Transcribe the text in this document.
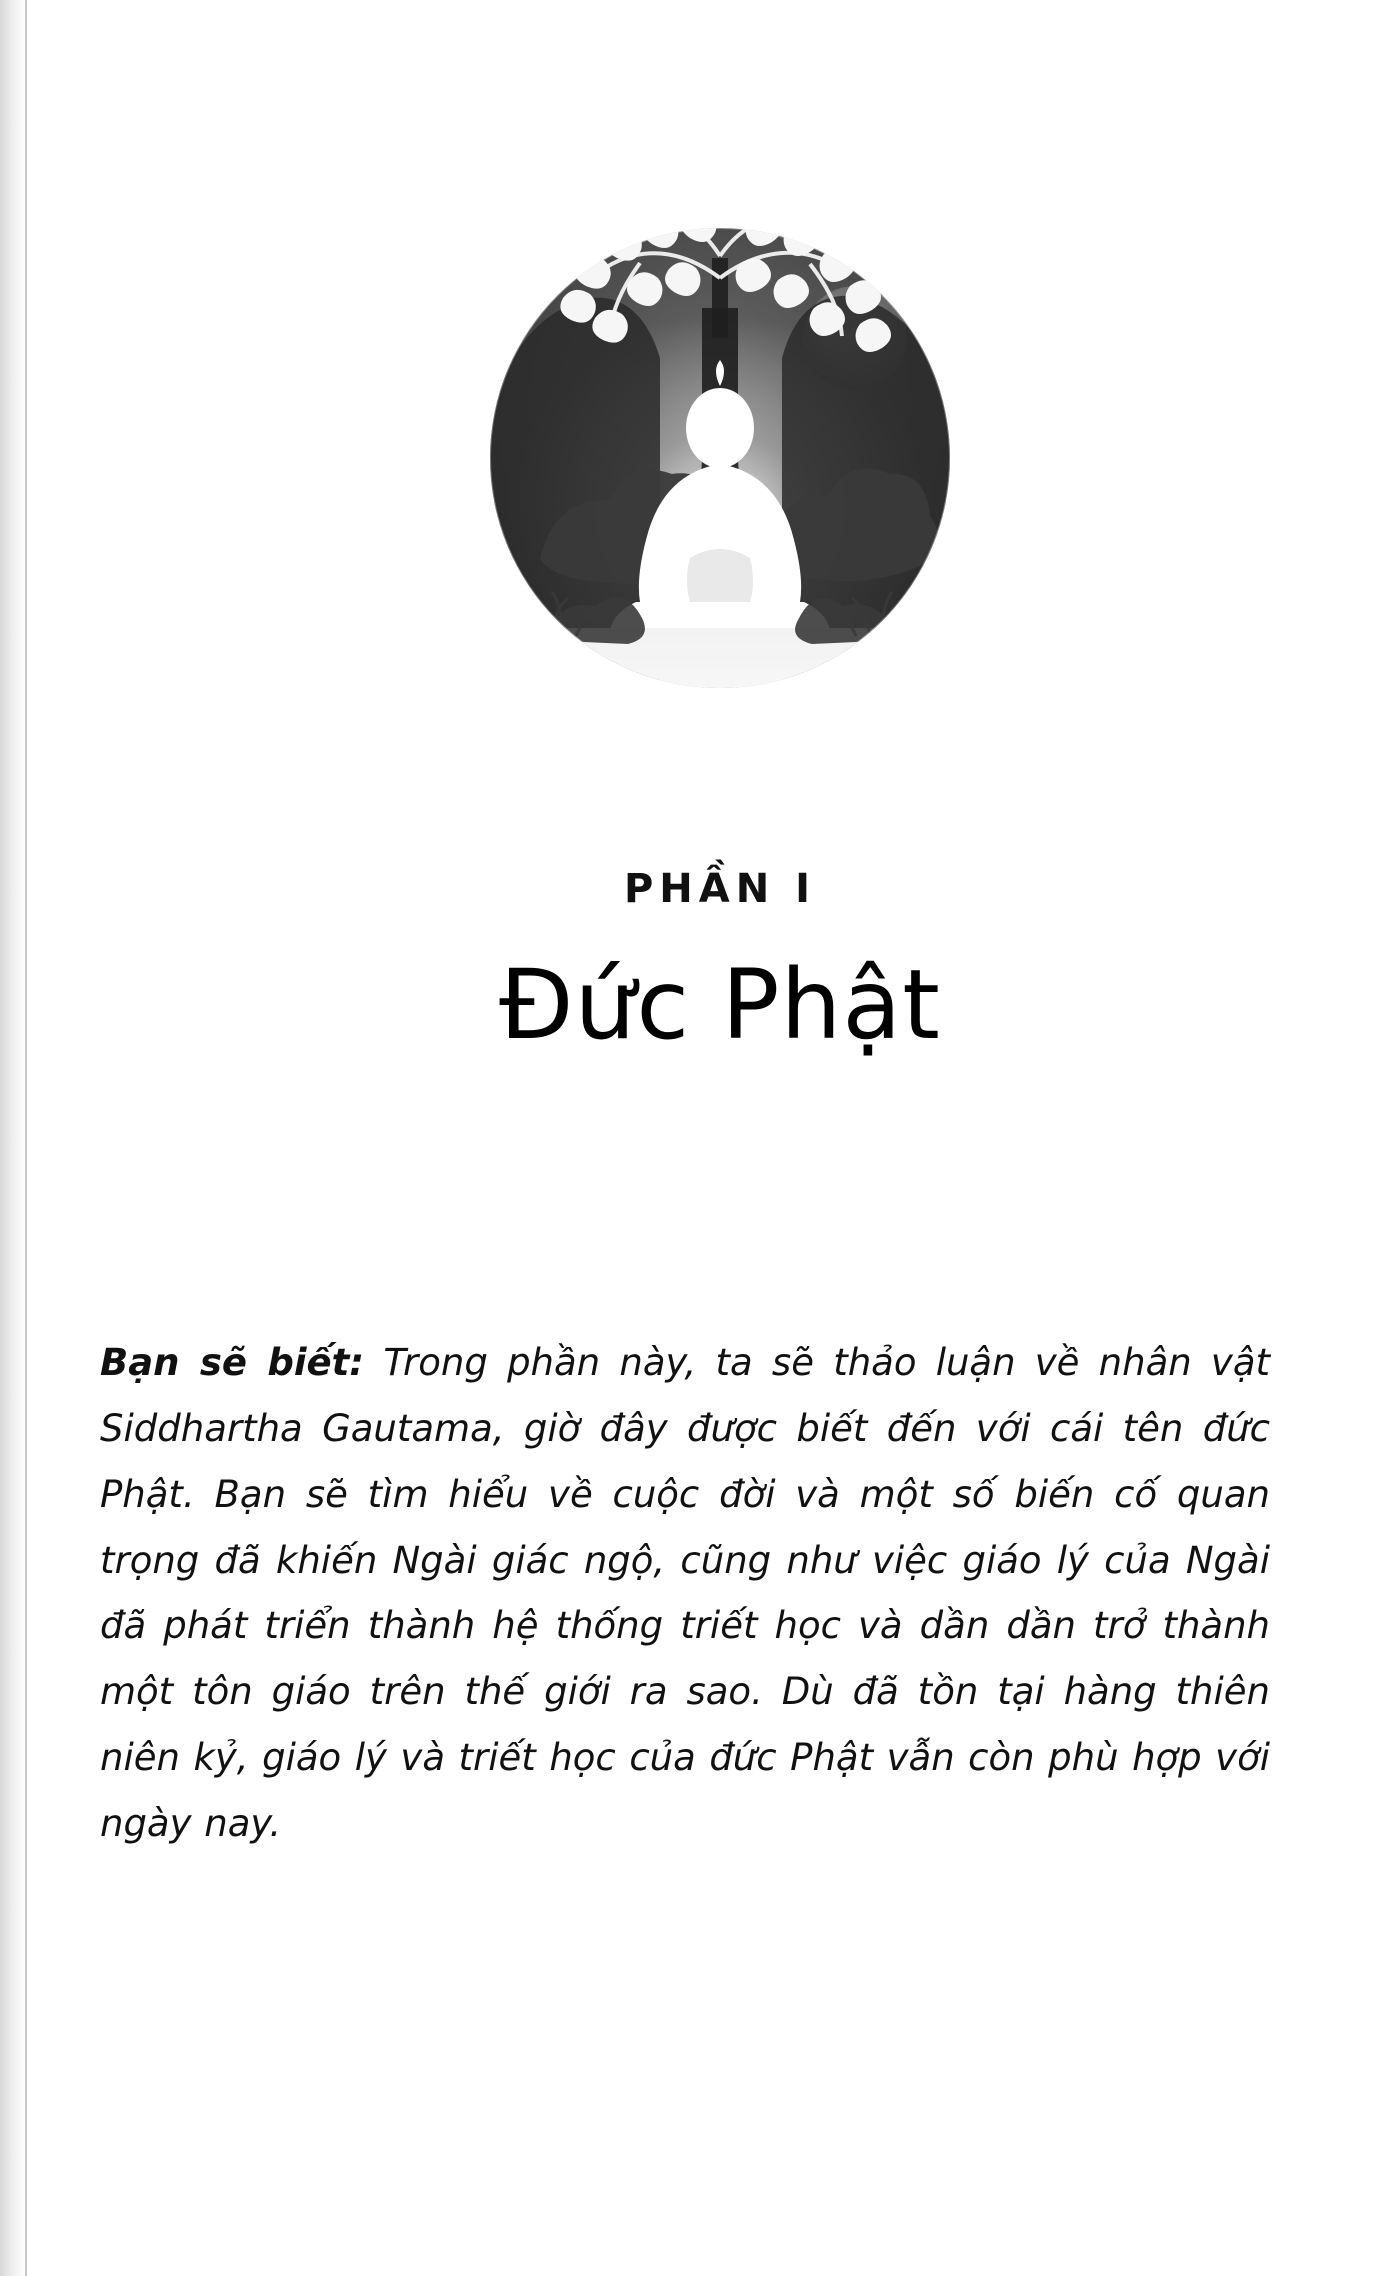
PHẦN I
Đức Phật

Bạn sẽ biết: Trong phần này, ta sẽ thảo luận về nhân vật Siddhartha Gautama, giờ đây được biết đến với cái tên đức Phật. Bạn sẽ tìm hiểu về cuộc đời và một số biến cố quan trọng đã khiến Ngài giác ngộ, cũng như việc giáo lý của Ngài đã phát triển thành hệ thống triết học và dần dần trở thành một tôn giáo trên thế giới ra sao. Dù đã tồn tại hàng thiên niên kỷ, giáo lý và triết học của đức Phật vẫn còn phù hợp với ngày nay.
